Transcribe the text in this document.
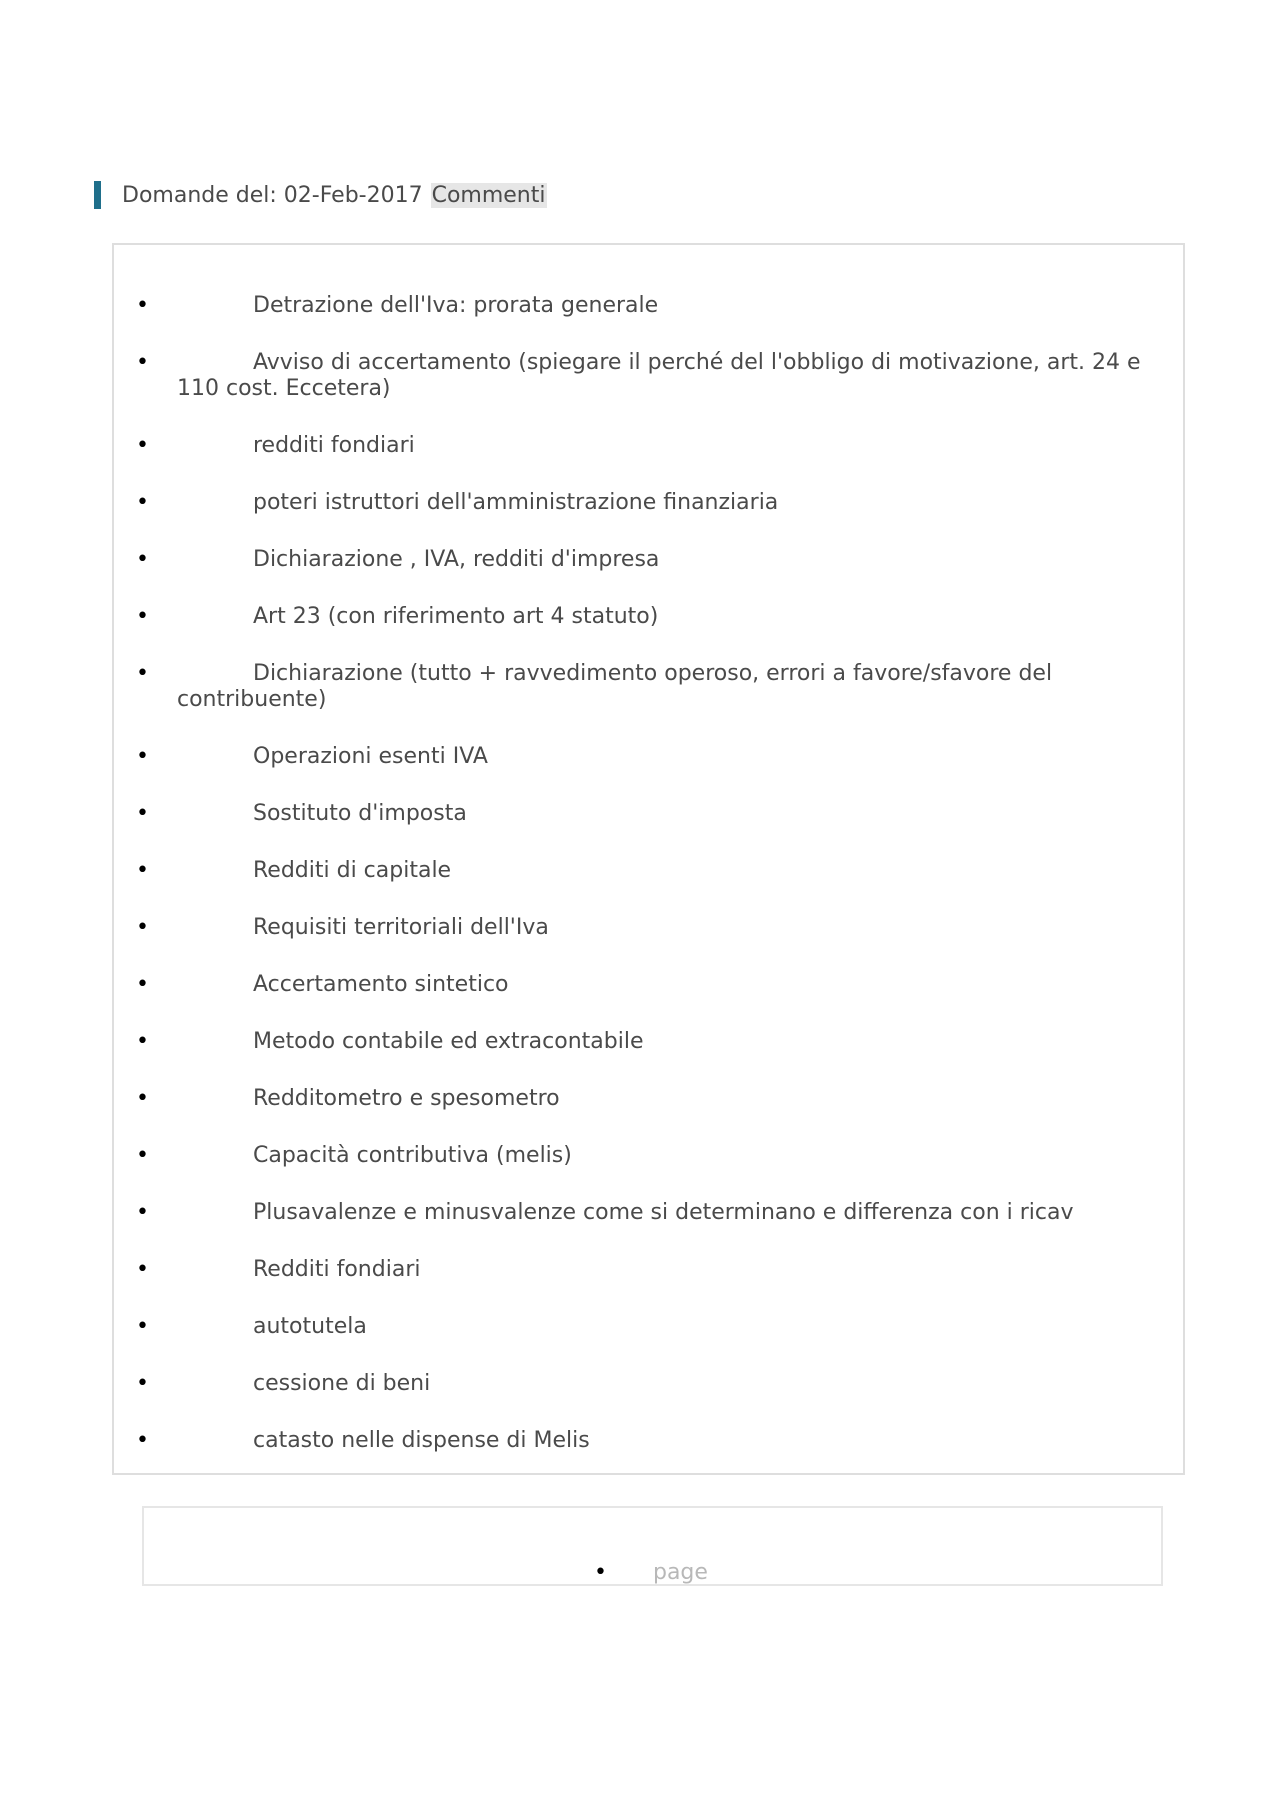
Domande del: 02-Feb-2017 Commenti
•	Detrazione dell'Iva: prorata generale
•	Avviso di accertamento (spiegare il perché del l'obbligo di motivazione, art. 24 e 110 cost. Eccetera)
•	redditi fondiari
•	poteri istruttori dell'amministrazione finanziaria
•	Dichiarazione , IVA, redditi d'impresa
•	Art 23 (con riferimento art 4 statuto)
•	Dichiarazione (tutto + ravvedimento operoso, errori a favore/sfavore del contribuente)
•	Operazioni esenti IVA
•	Sostituto d'imposta
•	Redditi di capitale
•	Requisiti territoriali dell'Iva
•	Accertamento sintetico
•	Metodo contabile ed extracontabile
•	Redditometro e spesometro
•	Capacità contributiva (melis)
•	Plusavalenze e minusvalenze come si determinano e differenza con i ricav
•	Redditi fondiari
•	autotutela
•	cessione di beni
•	catasto nelle dispense di Melis
• page
